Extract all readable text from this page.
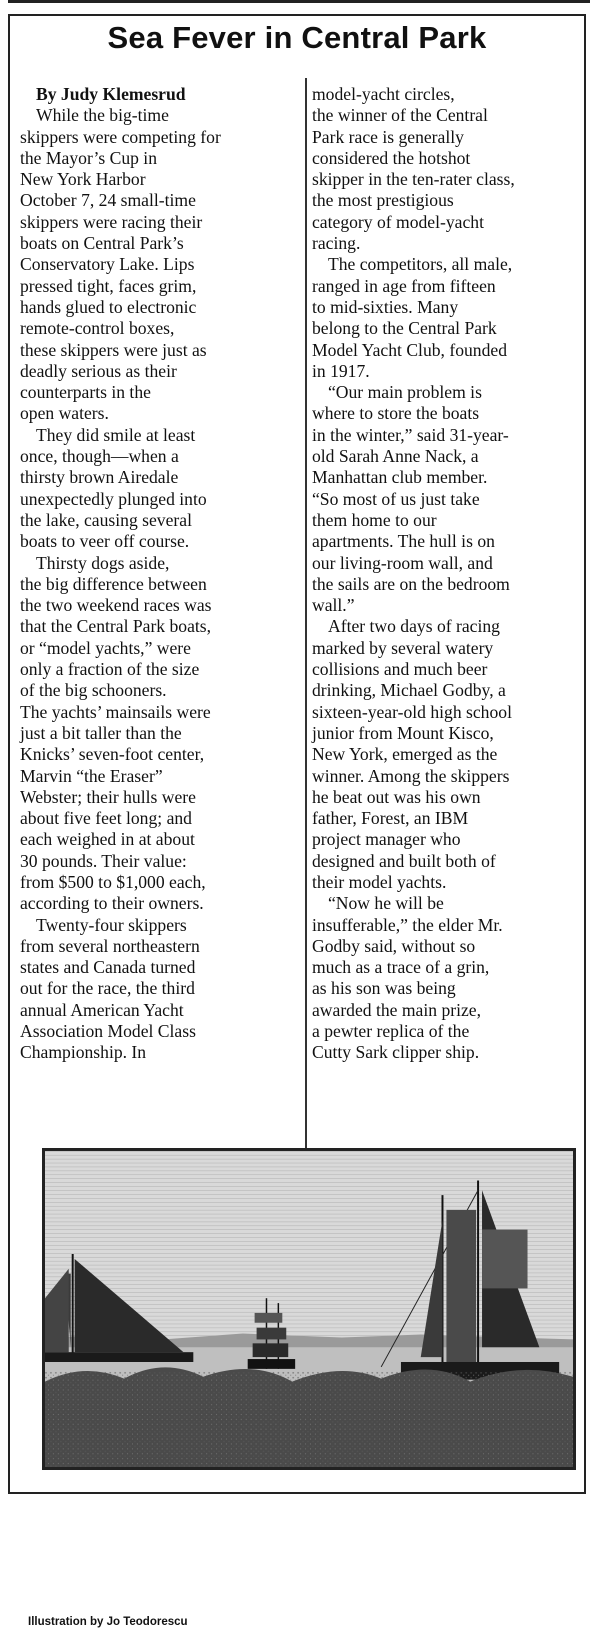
Sea Fever in Central Park

By Judy Klemesrud

While the big-time

skippers were competing for

the Mayor’s Cup in

New York Harbor

October 7, 24 small-time

skippers were racing their

boats on Central Park’s

Conservatory Lake. Lips

pressed tight, faces grim,

hands glued to electronic

remote-control boxes,

these skippers were just as

deadly serious as their

counterparts in the

open waters.

They did smile at least

once, though—when a

thirsty brown Airedale

unexpectedly plunged into

the lake, causing several

boats to veer off course.

Thirsty dogs aside,

the big difference between

the two weekend races was

that the Central Park boats,

or “model yachts,” were

only a fraction of the size

of the big schooners.

The yachts’ mainsails were

just a bit taller than the

Knicks’ seven-foot center,

Marvin “the Eraser”

Webster; their hulls were

about five feet long; and

each weighed in at about

30 pounds. Their value:

from $500 to $1,000 each,

according to their owners.

Twenty-four skippers

from several northeastern

states and Canada turned

out for the race, the third

annual American Yacht

Association Model Class

Championship. In

model-yacht circles,

the winner of the Central

Park race is generally

considered the hotshot

skipper in the ten-rater class,

the most prestigious

category of model-yacht

racing.

The competitors, all male,

ranged in age from fifteen

to mid-sixties. Many

belong to the Central Park

Model Yacht Club, founded

in 1917.

“Our main problem is

where to store the boats

in the winter,” said 31-year-

old Sarah Anne Nack, a

Manhattan club member.

“So most of us just take

them home to our

apartments. The hull is on

our living-room wall, and

the sails are on the bedroom

wall.”

After two days of racing

marked by several watery

collisions and much beer

drinking, Michael Godby, a

sixteen-year-old high school

junior from Mount Kisco,

New York, emerged as the

winner. Among the skippers

he beat out was his own

father, Forest, an IBM

project manager who

designed and built both of

their model yachts.

“Now he will be

insufferable,” the elder Mr.

Godby said, without so

much as a trace of a grin,

as his son was being

awarded the main prize,

a pewter replica of the

Cutty Sark clipper ship.

Illustration by Jo Teodorescu
